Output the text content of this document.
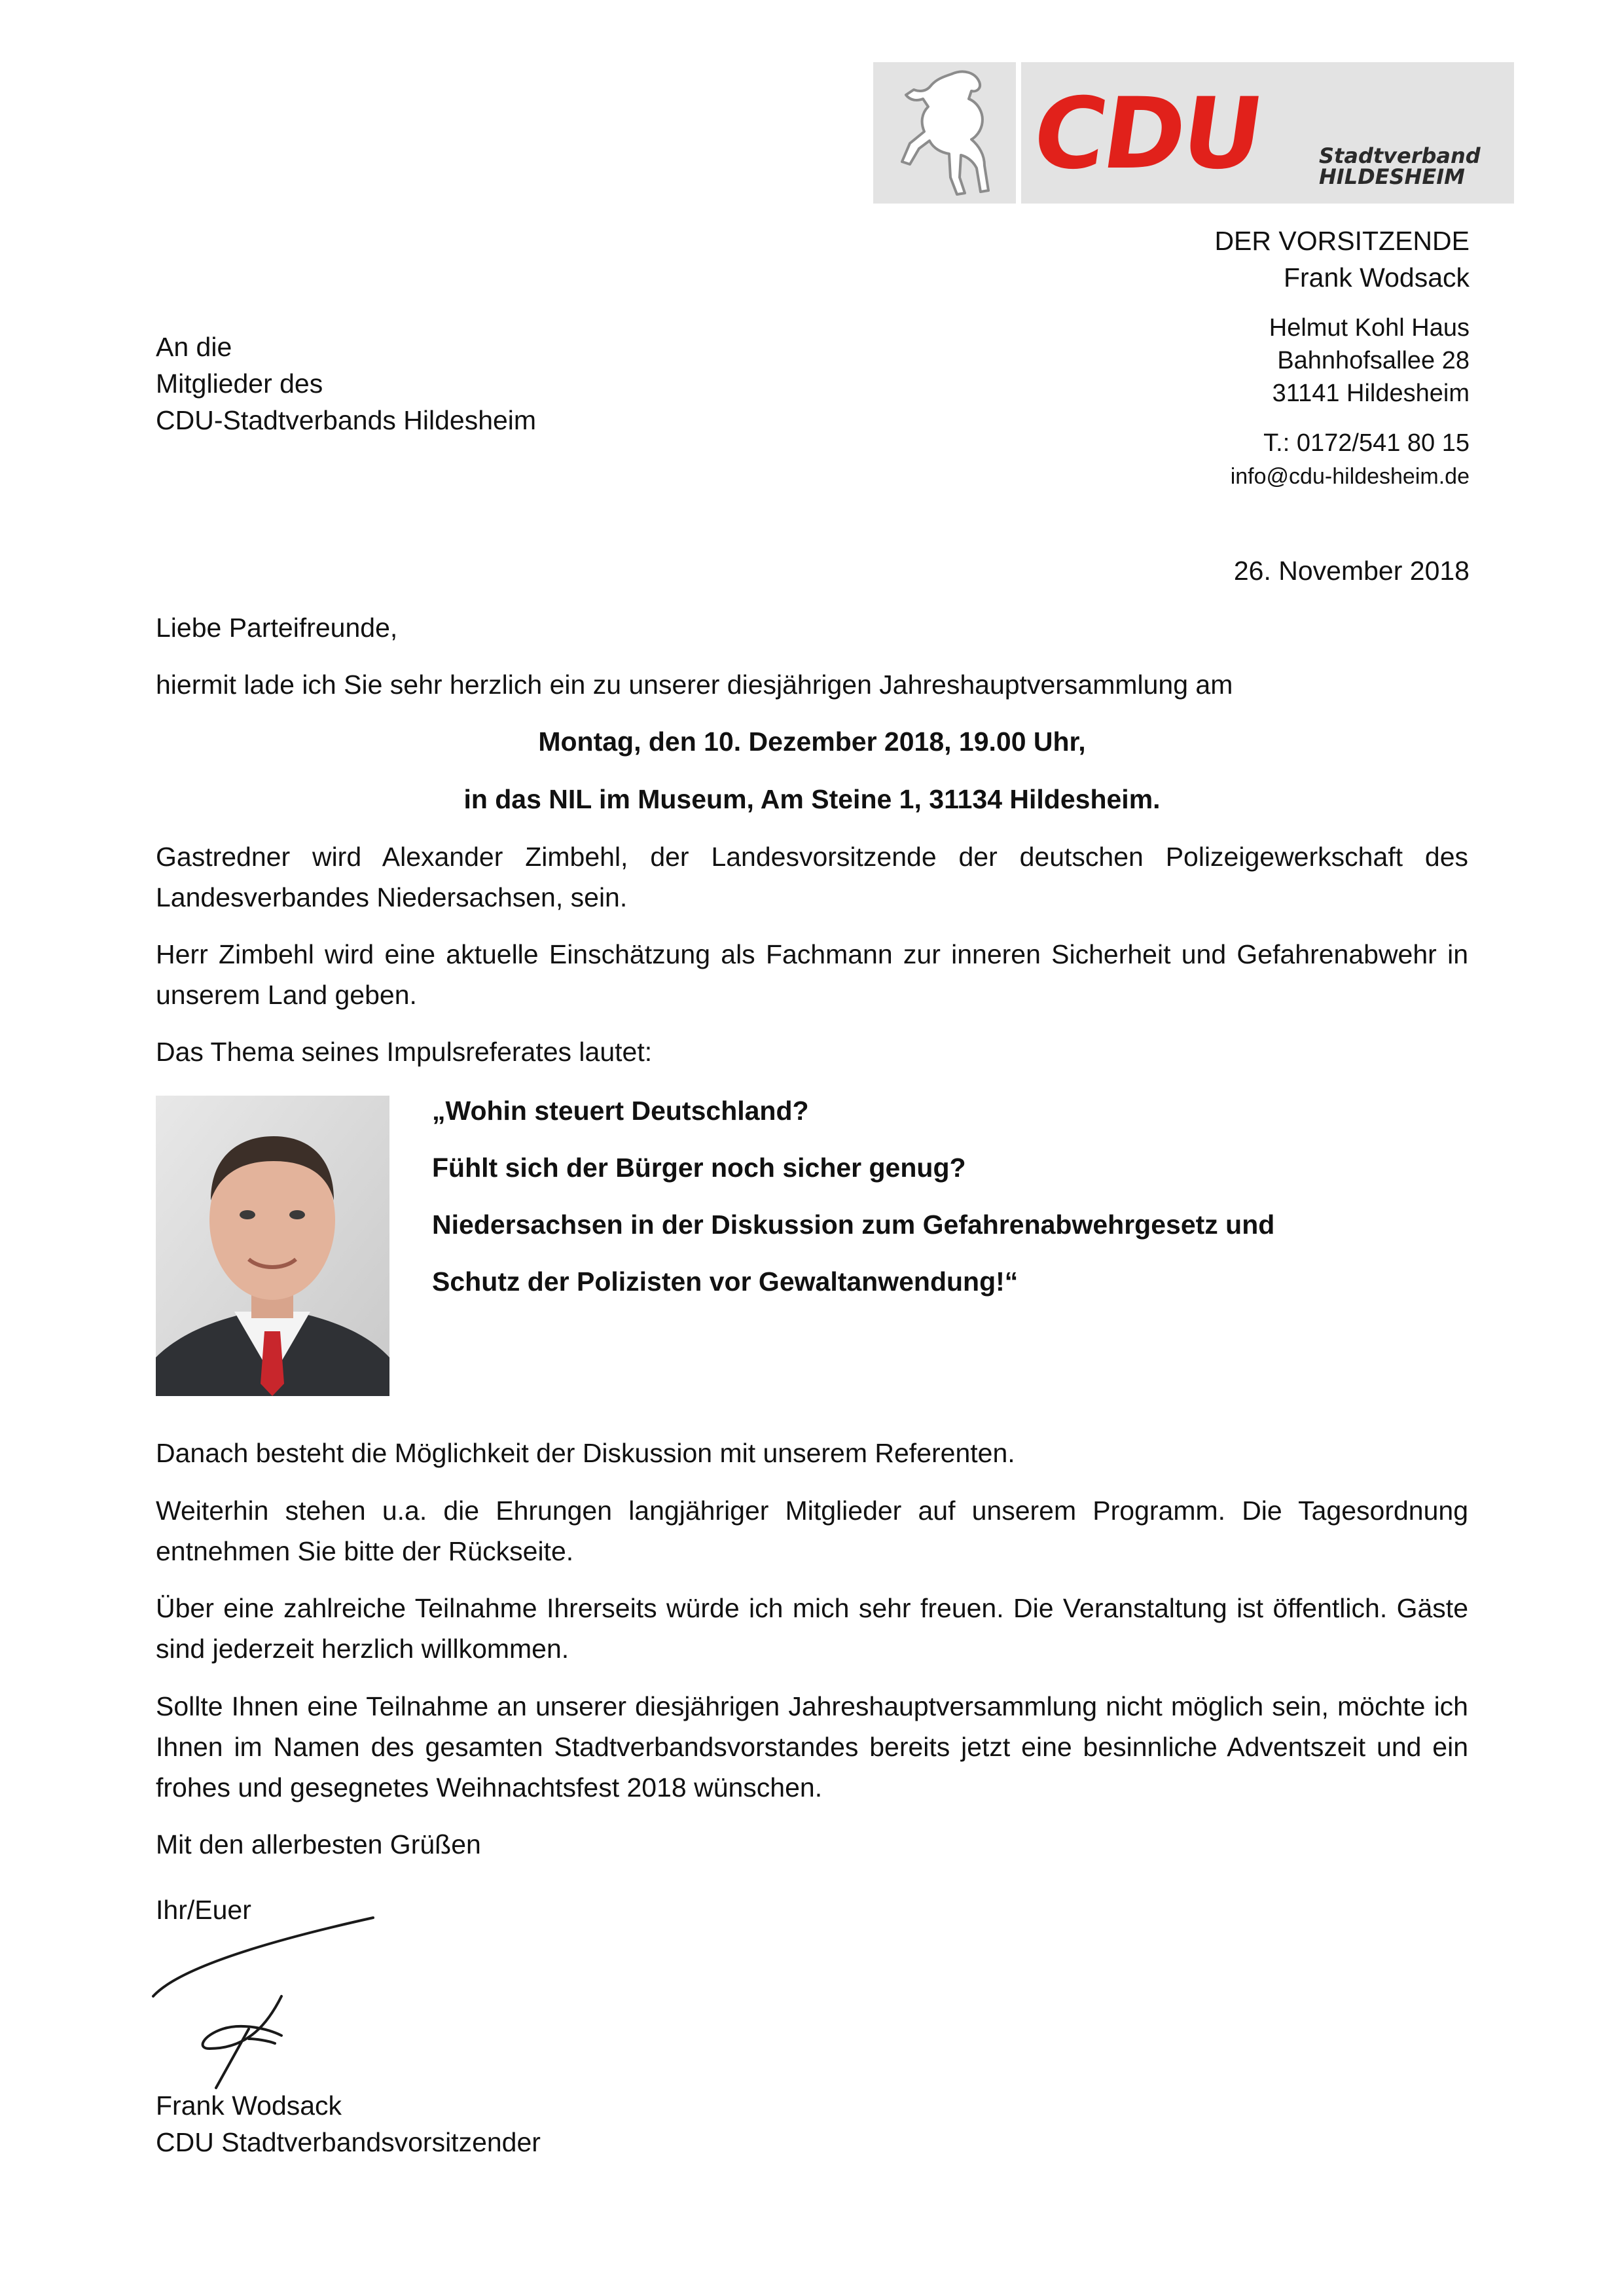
CDU Stadtverband
HILDESHEIM
DER VORSITZENDE
Frank Wodsack
Helmut Kohl Haus
Bahnhofsallee 28
31141 Hildesheim
T.: 0172/541 80 15
info@cdu-hildesheim.de
An die
Mitglieder des
CDU-Stadtverbands Hildesheim
26. November 2018
Liebe Parteifreunde,
hiermit lade ich Sie sehr herzlich ein zu unserer diesjährigen Jahreshauptversammlung am
Montag, den 10. Dezember 2018, 19.00 Uhr,
in das NIL im Museum, Am Steine 1, 31134 Hildesheim.
Gastredner wird Alexander Zimbehl, der Landesvorsitzende der deutschen Polizeigewerkschaft des Landesverbandes Niedersachsen, sein.
Herr Zimbehl wird eine aktuelle Einschätzung als Fachmann zur inneren Sicherheit und Gefahrenabwehr in unserem Land geben.
Das Thema seines Impulsreferates lautet:
„Wohin steuert Deutschland?
Fühlt sich der Bürger noch sicher genug?
Niedersachsen in der Diskussion zum Gefahrenabwehrgesetz und
Schutz der Polizisten vor Gewaltanwendung!“
Danach besteht die Möglichkeit der Diskussion mit unserem Referenten.
Weiterhin stehen u.a. die Ehrungen langjähriger Mitglieder auf unserem Programm. Die Tagesordnung entnehmen Sie bitte der Rückseite.
Über eine zahlreiche Teilnahme Ihrerseits würde ich mich sehr freuen. Die Veranstaltung ist öffentlich. Gäste sind jederzeit herzlich willkommen.
Sollte Ihnen eine Teilnahme an unserer diesjährigen Jahreshauptversammlung nicht möglich sein, möchte ich Ihnen im Namen des gesamten Stadtverbandsvorstandes bereits jetzt eine besinnliche Adventszeit und ein frohes und gesegnetes Weihnachtsfest 2018 wünschen.
Mit den allerbesten Grüßen
Ihr/Euer
Frank Wodsack
CDU Stadtverbandsvorsitzender
